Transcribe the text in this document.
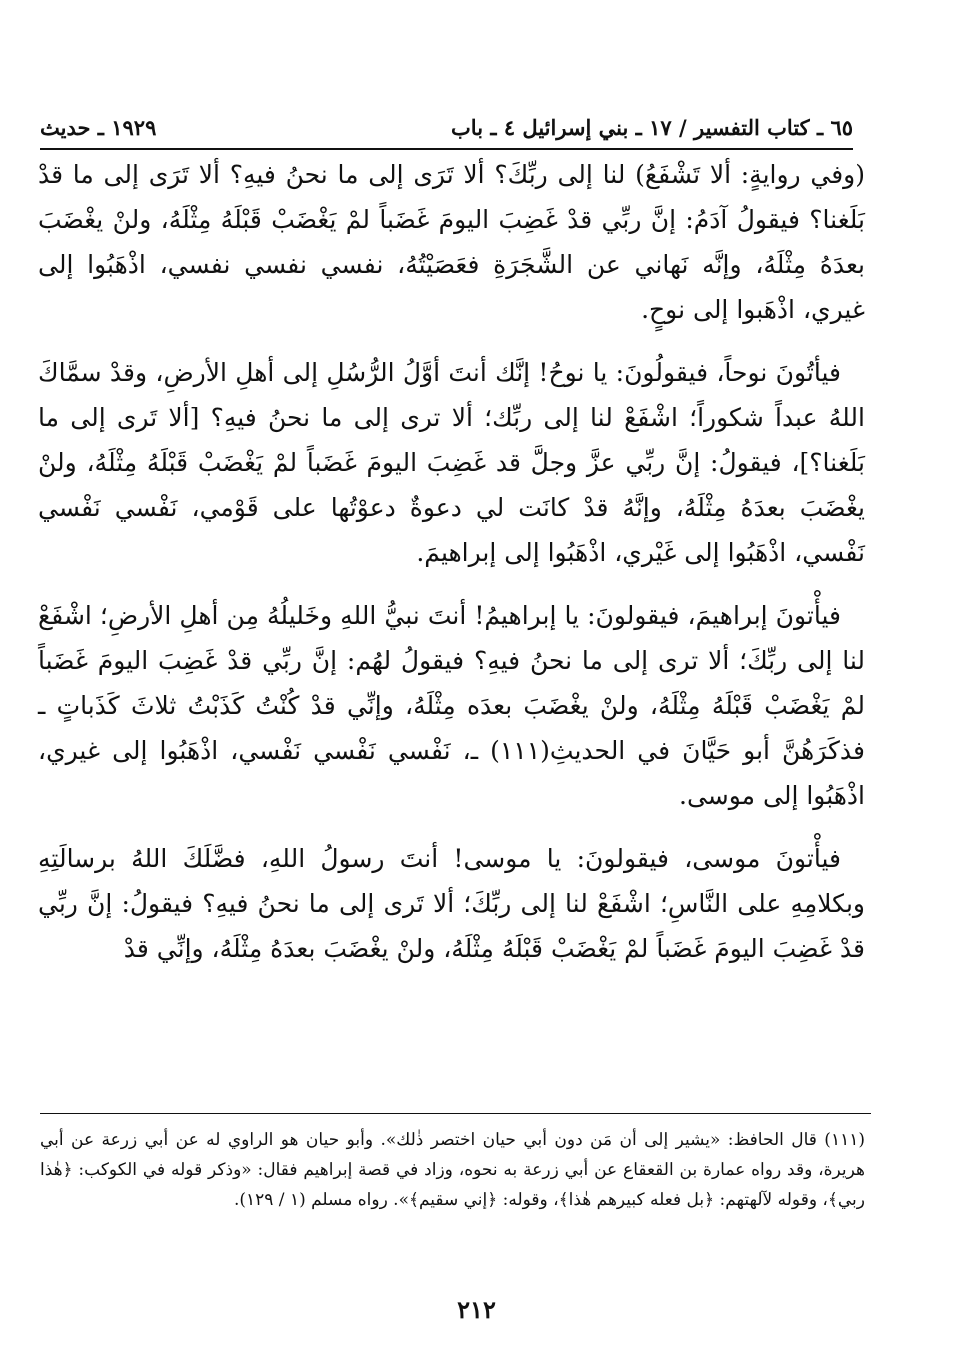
٦٥ ـ كتاب التفسير / ١٧ ـ بني إسرائيل ٤ ـ باب
١٩٢٩ ـ حديث

(وفي روايةٍ: ألا تَشْفَعُ) لنا إلى ربِّكَ؟ ألا تَرَى إلى ما نحنُ فيهِ؟ ألا تَرَى إلى ما قدْ بَلَغنا؟ فيقولُ آدَمُ: إنَّ ربِّي قدْ غَضِبَ اليومَ غَضَباً لمْ يَغْضَبْ قَبْلَهُ مِثْلَهُ، ولنْ يغْضَبَ بعدَهُ مِثْلَهُ، وإنَّه نَهاني عن الشَّجَرَةِ فعَصَيْتُهُ، نفسي نفسي نفسي، اذْهَبُوا إلى غيري، اذْهَبوا إلى نوحٍ.

فيأتُونَ نوحاً، فيقولُونَ: يا نوحُ! إنَّك أنتَ أوَّلُ الرُّسُلِ إلى أهلِ الأرضِ، وقدْ سمَّاكَ اللهُ عبداً شكوراً؛ اشْفَعْ لنا إلى ربِّك؛ ألا ترى إلى ما نحنُ فيهِ؟ [ألا تَرى إلى ما بَلَغنا؟]، فيقولُ: إنَّ ربِّي عزَّ وجلَّ قد غَضِبَ اليومَ غَضَباً لمْ يَغْضَبْ قَبْلَهُ مِثْلَهُ، ولنْ يغْضَبَ بعدَهُ مِثْلَهُ، وإنَّهُ قدْ كانَت لي دعوةٌ دعوْتُها على قَوْمي، نَفْسي نَفْسي نَفْسي، اذْهَبُوا إلى غَيْري، اذْهَبُوا إلى إبراهيمَ.

فيأْتونَ إبراهيمَ، فيقولونَ: يا إبراهيمُ! أنتَ نبيُّ اللهِ وخَليلُهُ مِن أهلِ الأرضِ؛ اشْفَعْ لنا إلى ربِّكَ؛ ألا ترى إلى ما نحنُ فيهِ؟ فيقولُ لهُم: إنَّ ربِّي قدْ غَضِبَ اليومَ غَضَباً لمْ يَغْضَبْ قَبْلَهُ مِثْلَهُ، ولنْ يغْضَبَ بعدَه مِثْلَهُ، وإنِّي قدْ كُنْتُ كَذَبْتُ ثلاثَ كَذَباتٍ ـ فذكَرَهُنَّ أبو حَيَّانَ في الحديثِ(١١١) ـ، نَفْسي نَفْسي نَفْسي، اذْهَبُوا إلى غيري، اذْهَبُوا إلى موسى.

فيأْتونَ موسى، فيقولونَ: يا موسى! أنتَ رسولُ اللهِ، فضَّلَكَ اللهُ برسالَتِهِ وبكلامِهِ على النَّاسِ؛ اشْفَعْ لنا إلى ربِّكَ؛ ألا تَرى إلى ما نحنُ فيهِ؟ فيقولُ: إنَّ ربِّي قدْ غَضِبَ اليومَ غَضَباً لمْ يَغْضَبْ قَبْلَهُ مِثْلَهُ، ولنْ يغْضَبَ بعدَهُ مِثْلَهُ، وإنِّي قدْ

(١١١) قال الحافظ: «يشير إلى أن مَن دون أبي حيان اختصر ذٰلك». وأبو حيان هو الراوي له عن أبي زرعة عن أبي هريرة، وقد رواه عمارة بن القعقاع عن أبي زرعة به نحوه، وزاد في قصة إبراهيم فقال: «وذكر قوله في الكوكب: ﴿هٰذا ربي﴾، وقوله لآلهتهم: ﴿بل فعله كبيرهم هٰذا﴾، وقوله: ﴿إني سقيم﴾». رواه مسلم (١ / ١٢٩).

٢١٢
